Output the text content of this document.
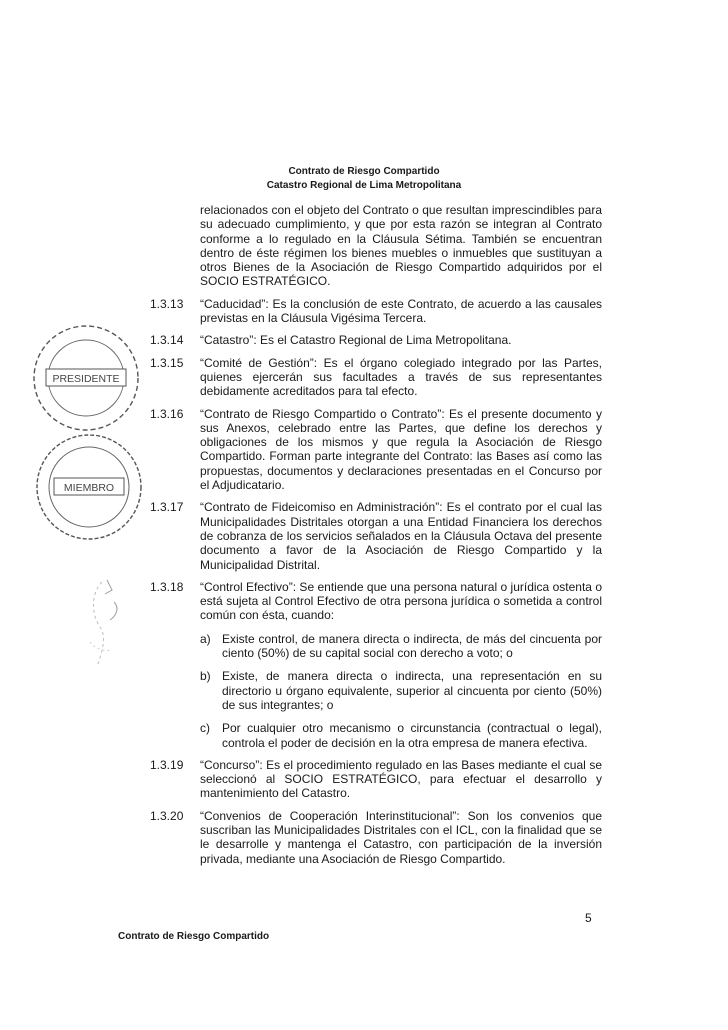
Contrato de Riesgo Compartido
Catastro Regional de Lima Metropolitana
relacionados con el objeto del Contrato o que resultan imprescindibles para su adecuado cumplimiento, y que por esta razón se integran al Contrato conforme a lo regulado en la Cláusula Sétima. También se encuentran dentro de éste régimen los bienes muebles o inmuebles que sustituyan a otros Bienes de la Asociación de Riesgo Compartido adquiridos por el SOCIO ESTRATÉGICO.
1.3.13	“Caducidad”: Es la conclusión de este Contrato, de acuerdo a las causales previstas en la Cláusula Vigésima Tercera.
1.3.14	“Catastro”: Es el Catastro Regional de Lima Metropolitana.
1.3.15	“Comité de Gestión”: Es el órgano colegiado integrado por las Partes, quienes ejercerán sus facultades a través de sus representantes debidamente acreditados para tal efecto.
1.3.16	“Contrato de Riesgo Compartido o Contrato”: Es el presente documento y sus Anexos, celebrado entre las Partes, que define los derechos y obligaciones de los mismos y que regula la Asociación de Riesgo Compartido. Forman parte integrante del Contrato: las Bases así como las propuestas, documentos y declaraciones presentadas en el Concurso por el Adjudicatario.
1.3.17	“Contrato de Fideicomiso en Administración”: Es el contrato por el cual las Municipalidades Distritales otorgan a una Entidad Financiera los derechos de cobranza de los servicios señalados en la Cláusula Octava del presente documento a favor de la Asociación de Riesgo Compartido y la Municipalidad Distrital.
1.3.18	“Control Efectivo”: Se entiende que una persona natural o jurídica ostenta o está sujeta al Control Efectivo de otra persona jurídica o sometida a control común con ésta, cuando:
a) Existe control, de manera directa o indirecta, de más del cincuenta por ciento (50%) de su capital social con derecho a voto; o
b) Existe, de manera directa o indirecta, una representación en su directorio u órgano equivalente, superior al cincuenta por ciento (50%) de sus integrantes; o
c)	Por cualquier otro mecanismo o circunstancia (contractual o legal), controla el poder de decisión en la otra empresa de manera efectiva.
1.3.19	“Concurso”: Es el procedimiento regulado en las Bases mediante el cual se seleccionó al SOCIO ESTRATÉGICO, para efectuar el desarrollo y mantenimiento del Catastro.
1.3.20	“Convenios de Cooperación Interinstitucional”: Son los convenios que suscriban las Municipalidades Distritales con el ICL, con la finalidad que se le desarrolle y mantenga el Catastro, con participación de la inversión privada, mediante una Asociación de Riesgo Compartido.
PRESIDENTE
MIEMBRO
5
Contrato de Riesgo Compartido
